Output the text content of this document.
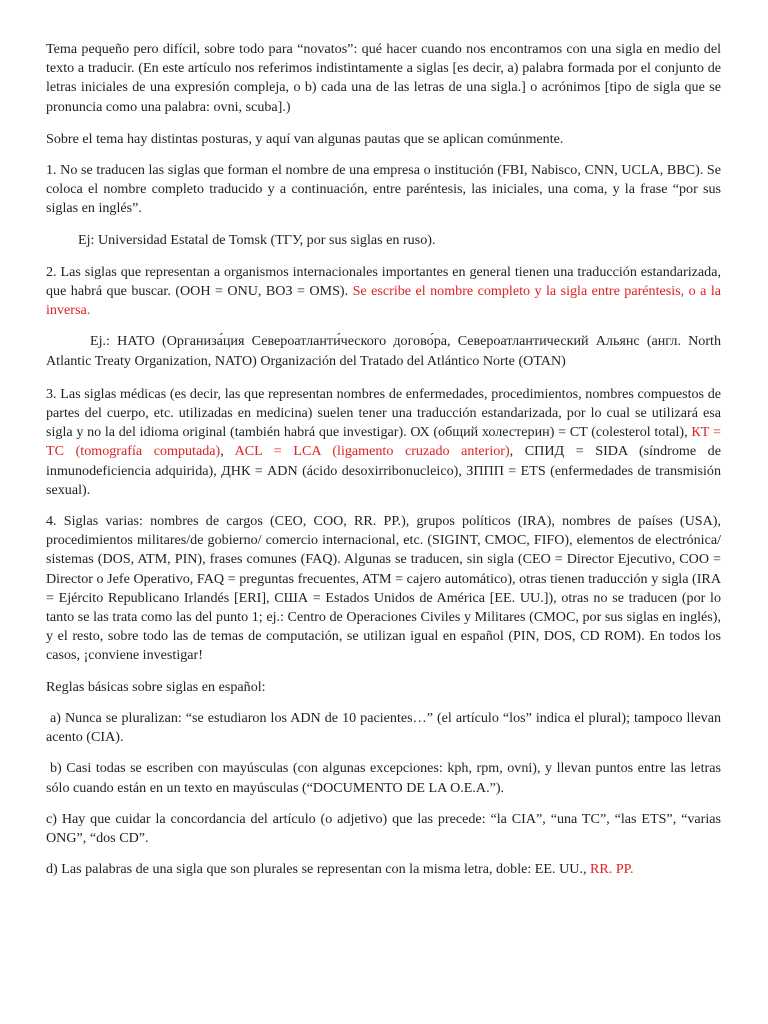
Tema pequeño pero difícil, sobre todo para “novatos”: qué hacer cuando nos encontramos con una sigla en medio del texto a traducir. (En este artículo nos referimos indistintamente a siglas [es decir, a) palabra formada por el conjunto de letras iniciales de una expresión compleja, o b) cada una de las letras de una sigla.] o acrónimos [tipo de sigla que se pronuncia como una palabra: ovni, scuba].)

Sobre el tema hay distintas posturas, y aquí van algunas pautas que se aplican comúnmente.

1. No se traducen las siglas que forman el nombre de una empresa o institución (FBI, Nabisco, CNN, UCLA, BBC). Se coloca el nombre completo traducido y a continuación, entre paréntesis, las iniciales, una coma, y la frase “por sus siglas en inglés”.

Ej: Universidad Estatal de Tomsk (ТГУ, por sus siglas en ruso).

2. Las siglas que representan a organismos internacionales importantes en general tienen una traducción estandarizada, que habrá que buscar. (ООН = ONU, ВОЗ = OMS). Se escribe el nombre completo y la sigla entre paréntesis, o a la inversa.

Ej.: НАТО (Организа́ция Североатланти́ческого догово́ра, Североатлантический Альянс (англ. North Atlantic Treaty Organization, NATO) Organización del Tratado del Atlántico Norte (OTAN)

3. Las siglas médicas (es decir, las que representan nombres de enfermedades, procedimientos, nombres compuestos de partes del cuerpo, etc. utilizadas en medicina) suelen tener una traducción estandarizada, por lo cual se utilizará esa sigla y no la del idioma original (también habrá que investigar). ОХ (общий холестерин) = CT (colesterol total), КТ = TC (tomografía computada), ACL = LCA (ligamento cruzado anterior), СПИД = SIDA (síndrome de inmunodeficiencia adquirida), ДНК = ADN (ácido desoxirribonucleico), ЗППП = ETS (enfermedades de transmisión sexual).

4. Siglas varias: nombres de cargos (CEO, COO, RR. PP.), grupos políticos (IRA), nombres de países (USA), procedimientos militares/de gobierno/ comercio internacional, etc. (SIGINT, CMOC, FIFO), elementos de electrónica/ sistemas (DOS, ATM, PIN), frases comunes (FAQ). Algunas se traducen, sin sigla (CEO = Director Ejecutivo, COO = Director o Jefe Operativo, FAQ = preguntas frecuentes, ATM = cajero automático), otras tienen traducción y sigla (IRA = Ejército Republicano Irlandés [ERI], США = Estados Unidos de América [EE. UU.]), otras no se traducen (por lo tanto se las trata como las del punto 1; ej.: Centro de Operaciones Civiles y Militares (CMOC, por sus siglas en inglés), y el resto, sobre todo las de temas de computación, se utilizan igual en español (PIN, DOS, CD ROM). En todos los casos, ¡conviene investigar!

Reglas básicas sobre siglas en español:

a) Nunca se pluralizan: “se estudiaron los ADN de 10 pacientes…” (el artículo “los” indica el plural); tampoco llevan acento (CIA).

b) Casi todas se escriben con mayúsculas (con algunas excepciones: kph, rpm, ovni), y llevan puntos entre las letras sólo cuando están en un texto en mayúsculas (“DOCUMENTO DE LA O.E.A.”).

c) Hay que cuidar la concordancia del artículo (o adjetivo) que las precede: “la CIA”, “una TC”, “las ETS”, “varias ONG”, “dos CD”.

d) Las palabras de una sigla que son plurales se representan con la misma letra, doble: EE. UU., RR. PP.
